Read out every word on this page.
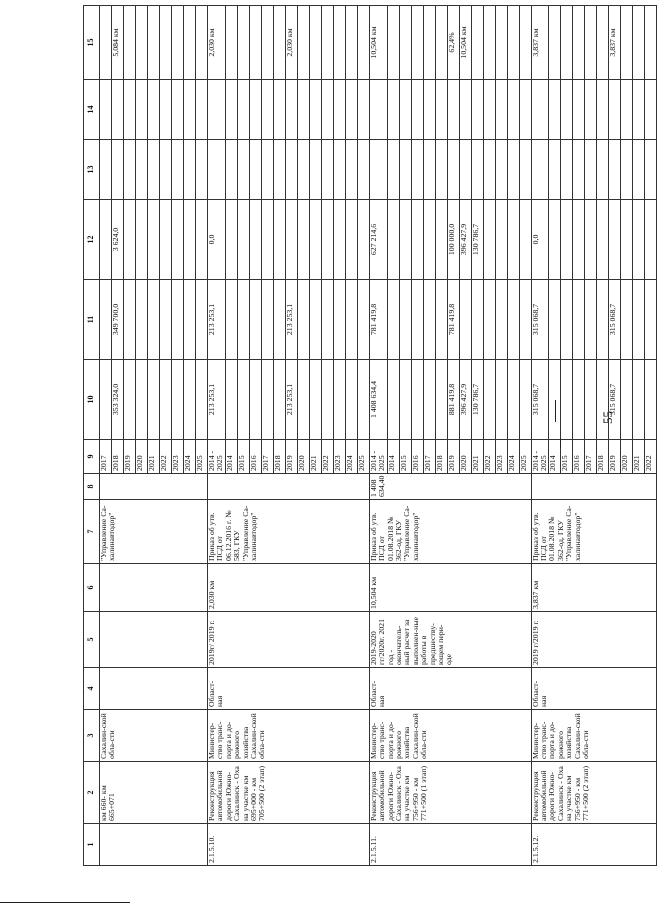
55
1	2	3	4	5	6	7	8	9	10	11	12	13	14	15
	км 660- км 665+071	Сахалин-ской обла-сти				"Управление Са-халинавтодор"		2017						
								2018	353 324,0	349 700,0	3 624,0			5,084 км
								2019						
								2020						
								2021						
								2022						
								2023						
								2024						
								2025						
2.1.5.10.	Реконструкция автомобильной дороги Южно-Сахалинск - Оха на участке км 695+000 - км 705+500 (2 этап)	Министер-ство транс-порта и до-рожного хозяйства Сахалин-ской обла-сти	Област-ная	2019г/ 2019 г.	2,030 км	Приказ об утв. ПСД от 06.12.2016 г. № 583, ГКУ "Управление Са-халинавтодор"		2014 - 2025	213 253,1	213 253,1	0,0			2,030 км
								2014						
								2015						
								2016						
								2017						
								2018						
								2019	213 253,1	213 253,1				2,030 км
								2020						
								2021						
								2022						
								2023						
								2024						
								2025						
2.1.5.11.	Реконструкция автомобильной дороги Южно-Сахалинск - Оха на участке км 756+950 - км 771+500 (1 этап)	Министер-ство транс-порта и до-рожного хозяйства Сахалин-ской обла-сти	Област-ная	2019-2020 гг/2020г. 2021 год - окончатель-ный расчет за выполнен-ные работы в предшеству-ющем пери-оде	10,504 км	Приказ об утв. ПСД от 01.08.2018 № 362-од, ГКУ "Управление Са-халинавтодор"	1 408 634,40	2014 - 2025	1 408 634,4	781 419,8	627 214,6			10,504 км
								2014						
								2015						
								2016						
								2017						
								2018						
								2019	881 419,8	781 419,8	100 000,0			62,4%
								2020	396 427,9		396 427,9			10,504 км
								2021	130 786,7		130 786,7			
								2022						
								2023						
								2024						
								2025						
2.1.5.12.	Реконструкция автомобильной дороги Южно-Сахалинск - Оха на участке км 756+950 - км 771+500 (2 этап)	Министер-ство транс-порта и до-рожного хозяйства Сахалин-ской обла-сти	Област-ная	2019 г/2019 г.	3,837 км	Приказ об утв. ПСД от 01.08.2018 № 362-од, ГКУ "Управление Са-халинавтодор"		2014 - 2025	315 068,7	315 068,7	0,0			3,837 км
								2014						
								2015						
								2016						
								2017						
								2018						
								2019	315 068,7	315 068,7				3,837 км
								2020						
								2021						
								2022						
